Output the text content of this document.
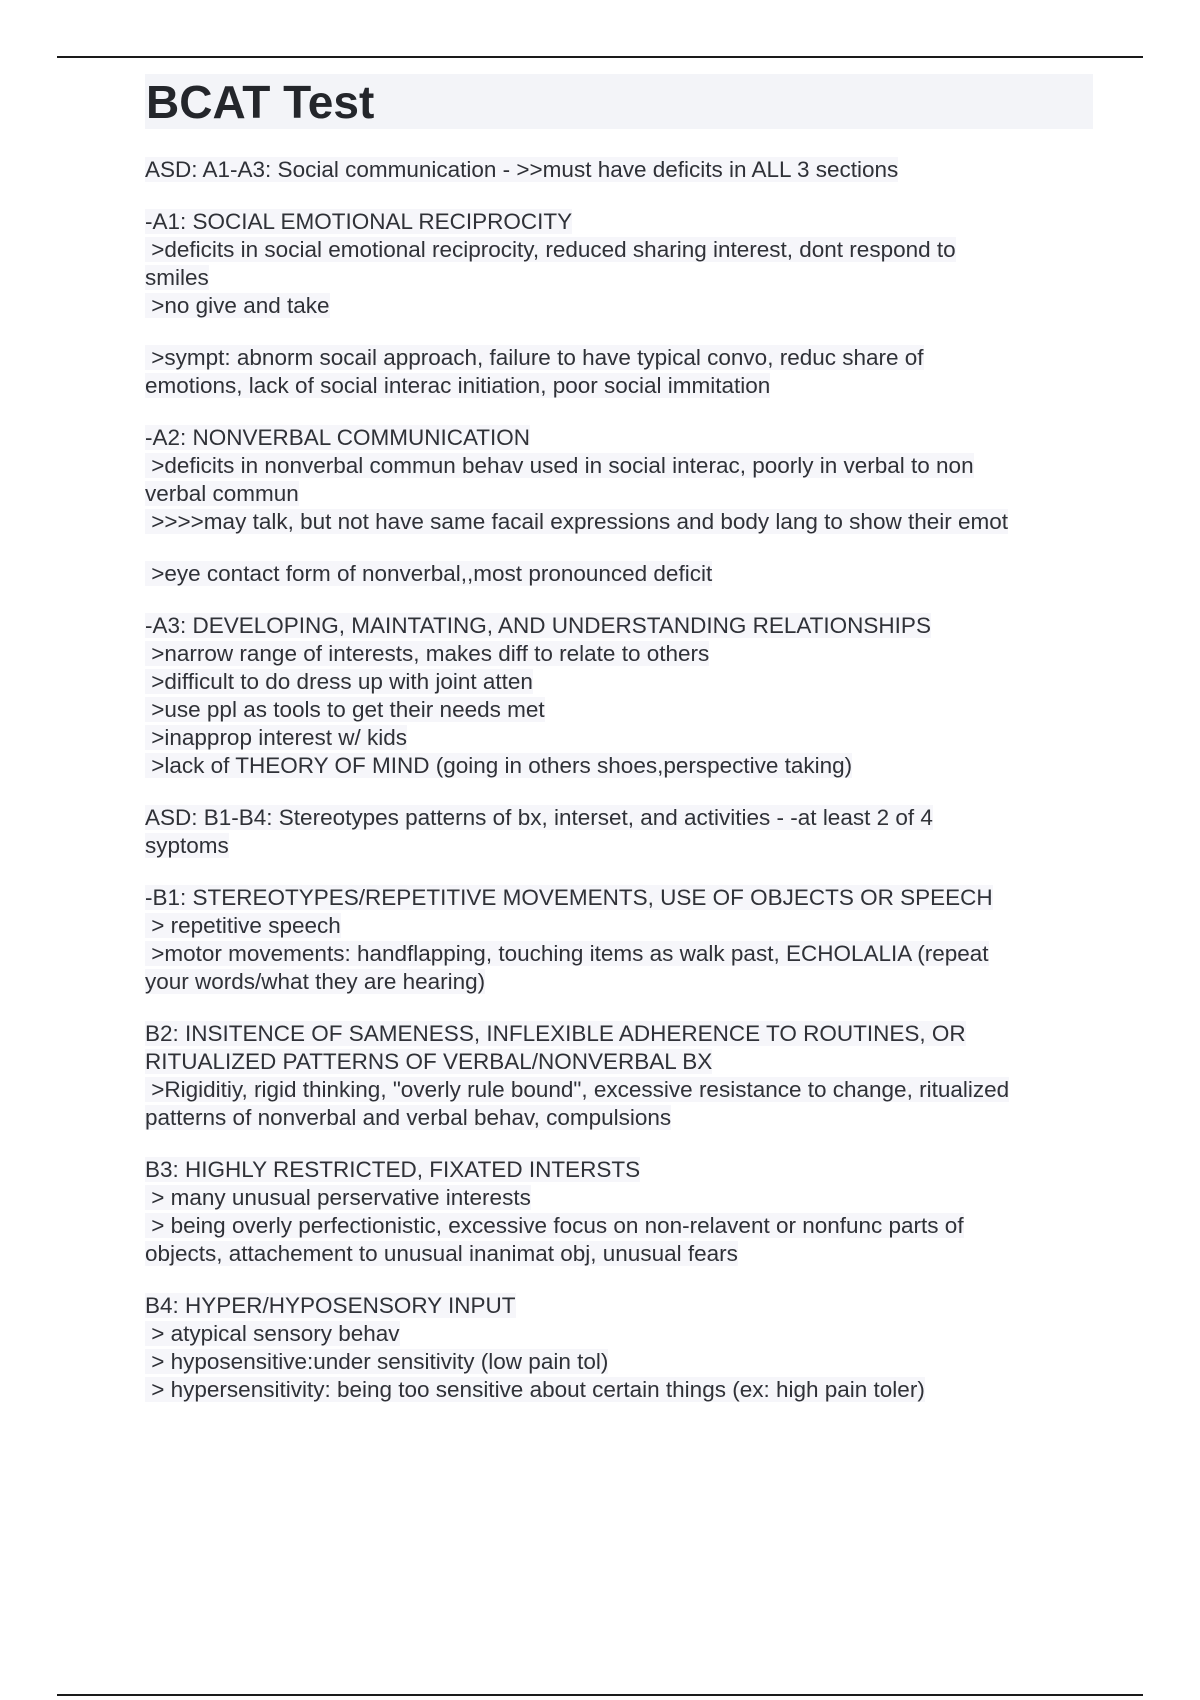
BCAT Test
ASD: A1-A3: Social communication - >>must have deficits in ALL 3 sections
-A1: SOCIAL EMOTIONAL RECIPROCITY
>deficits in social emotional reciprocity, reduced sharing interest, dont respond to
smiles
>no give and take
>sympt: abnorm socail approach, failure to have typical convo, reduc share of
emotions, lack of social interac initiation, poor social immitation
-A2: NONVERBAL COMMUNICATION
>deficits in nonverbal commun behav used in social interac, poorly in verbal to non
verbal commun
>>>>may talk, but not have same facail expressions and body lang to show their emot
>eye contact form of nonverbal,,most pronounced deficit
-A3: DEVELOPING, MAINTATING, AND UNDERSTANDING RELATIONSHIPS
>narrow range of interests, makes diff to relate to others
>difficult to do dress up with joint atten
>use ppl as tools to get their needs met
>inapprop interest w/ kids
>lack of THEORY OF MIND (going in others shoes,perspective taking)
ASD: B1-B4: Stereotypes patterns of bx, interset, and activities - -at least 2 of 4
syptoms
-B1: STEREOTYPES/REPETITIVE MOVEMENTS, USE OF OBJECTS OR SPEECH
> repetitive speech
>motor movements: handflapping, touching items as walk past, ECHOLALIA (repeat
your words/what they are hearing)
B2: INSITENCE OF SAMENESS, INFLEXIBLE ADHERENCE TO ROUTINES, OR
RITUALIZED PATTERNS OF VERBAL/NONVERBAL BX
>Rigiditiy, rigid thinking, "overly rule bound", excessive resistance to change, ritualized
patterns of nonverbal and verbal behav, compulsions
B3: HIGHLY RESTRICTED, FIXATED INTERSTS
> many unusual perservative interests
> being overly perfectionistic, excessive focus on non-relavent or nonfunc parts of
objects, attachement to unusual inanimat obj, unusual fears
B4: HYPER/HYPOSENSORY INPUT
> atypical sensory behav
> hyposensitive:under sensitivity (low pain tol)
> hypersensitivity: being too sensitive about certain things (ex: high pain toler)
